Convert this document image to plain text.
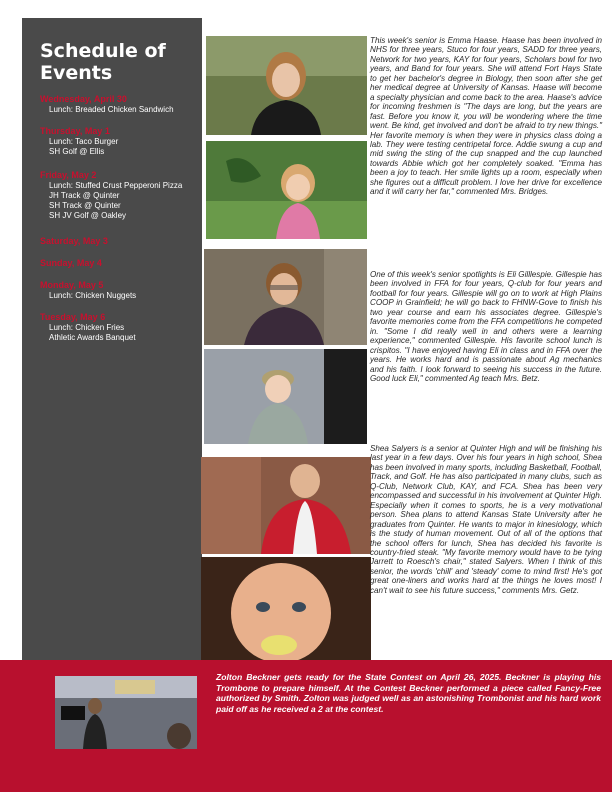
Schedule of Events
Wednesday, April 30
Lunch: Breaded Chicken Sandwich
Thursday, May 1
Lunch: Taco Burger
SH Golf @ Ellis
Friday, May 2
Lunch: Stuffed Crust Pepperoni Pizza
JH Track @ Quinter
SH Track @ Quinter
SH JV Golf @ Oakley
Saturday, May 3
Sunday, May 4
Monday, May 5
Lunch: Chicken Nuggets
Tuesday, May 6
Lunch: Chicken Fries
Athletic Awards Banquet

This week's senior is Emma Haase. Haase has been involved in NHS for three years, Stuco for four years, SADD for three years, Network for two years, KAY for four years, Scholars bowl for two years, and Band for four years. She will attend Fort Hays State to get her bachelor's degree in Biology, then soon after she get her medical degree at University of Kansas. Haase will become a specialty physician and come back to the area. Haase's advice for incoming freshmen is "The days are long, but the years are fast. Before you know it, you will be wondering where the time went. Be kind, get involved and don't be afraid to try new things." Her favorite memory is when they were in physics class doing a lab. They were testing centripetal force. Addie swung a cup and mid swing the sting of the cup snapped and the cup launched towards Abbie which got her completely soaked. "Emma has been a joy to teach. Her smile lights up a room, especially when she figures out a difficult problem. I love her drive for excellence and it will carry her far," commented Mrs. Bridges.

One of this week's senior spotlights is Eli Gilllespie. Gillespie has been involved in FFA for four years, Q-club for four years and football for four years. Gillespie will go on to work at High Plains COOP in Grainfield; he will go back to FHNW-Gove to finish his two year course and earn his associates degree. Gillespie's favorite memories come from the FFA competitions he competed in. "Some I did really well in and others were a learning experience," commented Gillespie. His favorite school lunch is crispitos. "I have enjoyed having Eli in class and in FFA over the years. He works hard and is passionate about Ag mechanics and his faith. I look forward to seeing his success in the future. Good luck Eli," commented Ag teach Mrs. Betz.

Shea Salyers is a senior at Quinter High and will be finishing his last year in a few days. Over his four years in high school, Shea has been involved in many sports, including Basketball, Football, Track, and Golf. He has also participated in many clubs, such as Q-Club, Network Club, KAY, and FCA. Shea has been very encompassed and successful in his involvement at Quinter High. Especially when it comes to sports, he is a very motivational person. Shea plans to attend Kansas State University after he graduates from Quinter. He wants to major in kinesiology, which is the study of human movement. Out of all of the options that the school offers for lunch, Shea has decided his favorite is country-fried steak. "My favorite memory would have to be tying Jarrett to Roesch's chair," stated Salyers. When I think of this senior, the words 'chill' and 'steady' come to mind first! He's got great one-liners and works hard at the things he loves most! I can't wait to see his future success," comments Mrs. Getz.

Zolton Beckner gets ready for the State Contest on April 26, 2025. Beckner is playing his Trombone to prepare himself. At the Contest Beckner performed a piece called Fancy-Free authorized by Smith. Zolton was judged well as an astonishing Trombonist and his hard work paid off as he received a 2 at the contest.
